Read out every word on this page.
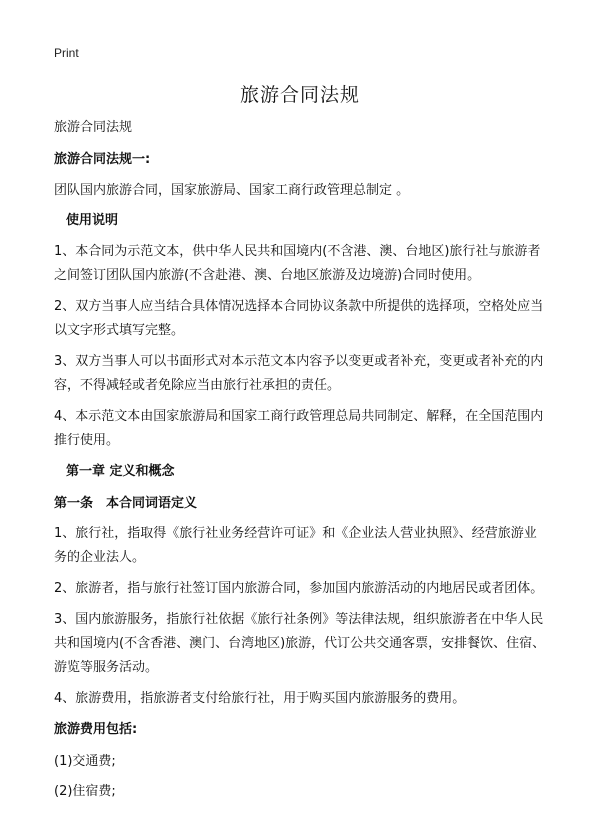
Print
旅游合同法规
旅游合同法规
旅游合同法规一:
团队国内旅游合同，国家旅游局、国家工商行政管理总制定 。
使用说明
1、本合同为示范文本，供中华人民共和国境内(不含港、澳、台地区)旅行社与旅游者之间签订团队国内旅游(不含赴港、澳、台地区旅游及边境游)合同时使用。
2、双方当事人应当结合具体情况选择本合同协议条款中所提供的选择项，空格处应当以文字形式填写完整。
3、双方当事人可以书面形式对本示范文本内容予以变更或者补充，变更或者补充的内容，不得减轻或者免除应当由旅行社承担的责任。
4、本示范文本由国家旅游局和国家工商行政管理总局共同制定、解释，在全国范围内推行使用。
第一章 定义和概念
第一条　本合同词语定义
1、旅行社，指取得《旅行社业务经营许可证》和《企业法人营业执照》、经营旅游业务的企业法人。
2、旅游者，指与旅行社签订国内旅游合同，参加国内旅游活动的内地居民或者团体。
3、国内旅游服务，指旅行社依据《旅行社条例》等法律法规，组织旅游者在中华人民共和国境内(不含香港、澳门、台湾地区)旅游，代订公共交通客票，安排餐饮、住宿、游览等服务活动。
4、旅游费用，指旅游者支付给旅行社，用于购买国内旅游服务的费用。
旅游费用包括:
(1)交通费;
(2)住宿费;
